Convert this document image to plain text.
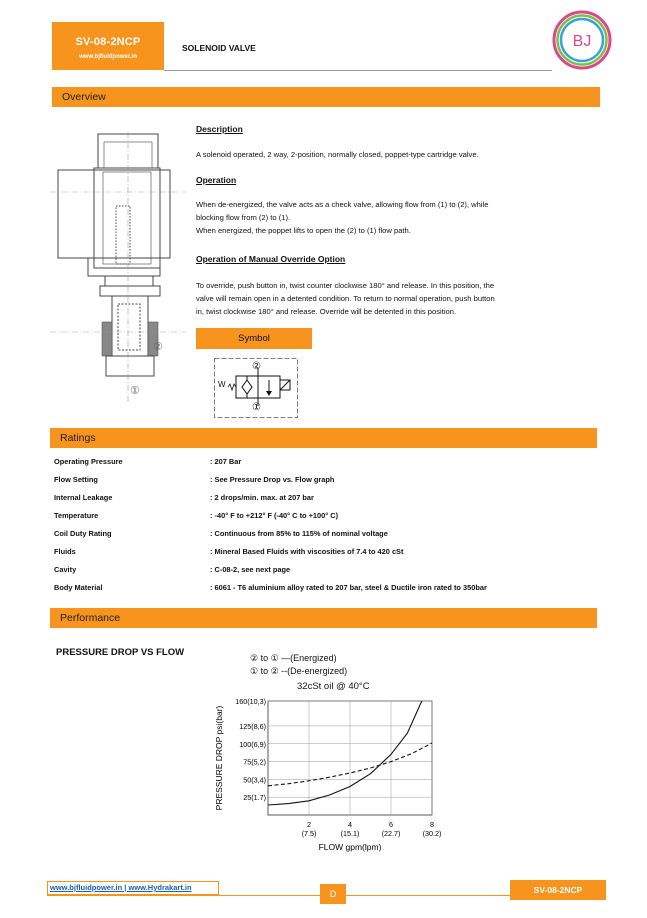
SV-08-2NCP
www.bjfluidpower.in
SOLENOID VALVE	BJ
Overview
②
①
Description
A solenoid operated, 2 way, 2-position, normally closed, poppet-type cartridge valve.
Operation
When de-energized, the valve acts as a check valve, allowing flow from (1) to (2), while
blocking flow from (2) to (1).
When energized, the poppet lifts to open the (2) to (1) flow path.
Operation of Manual Override Option
To override, push button in, twist counter clockwise 180° and release. In this position, the
valve will remain open in a detented condition. To return to normal operation, push button
in, twist clockwise 180° and release. Override will be detented in this position.
Symbol
W
②
①
Ratings
Operating Pressure	: 207 Bar
Flow Setting	: See Pressure Drop vs. Flow graph
Internal Leakage	: 2 drops/min. max. at 207 bar
Temperature	: -40° F to +212° F (-40° C to +100° C)
Coil Duty Rating	: Continuous from 85% to 115% of nominal voltage
Fluids	: Mineral Based Fluids with viscosities of 7.4 to 420 cSt
Cavity	: C-08-2, see next page
Body Material	: 6061 - T6 aluminium alloy rated to 207 bar, steel & Ductile iron rated to 350bar
Performance
PRESSURE DROP VS FLOW	② to ① —(Energized)
① to ② --(De-energized)
32cSt oil @ 40°C
25(1.7)
50(3,4)
75(5,2)
100(6,9)
125(8,6)
160(10,3)
2
(7.5)
4
(15.1)
6
(22.7)
8
(30.2)
FLOW gpm(lpm)
PRESSURE DROP psi(bar)
www.bjfluidpower.in | www.Hydrakart.in
D	SV-08-2NCP
